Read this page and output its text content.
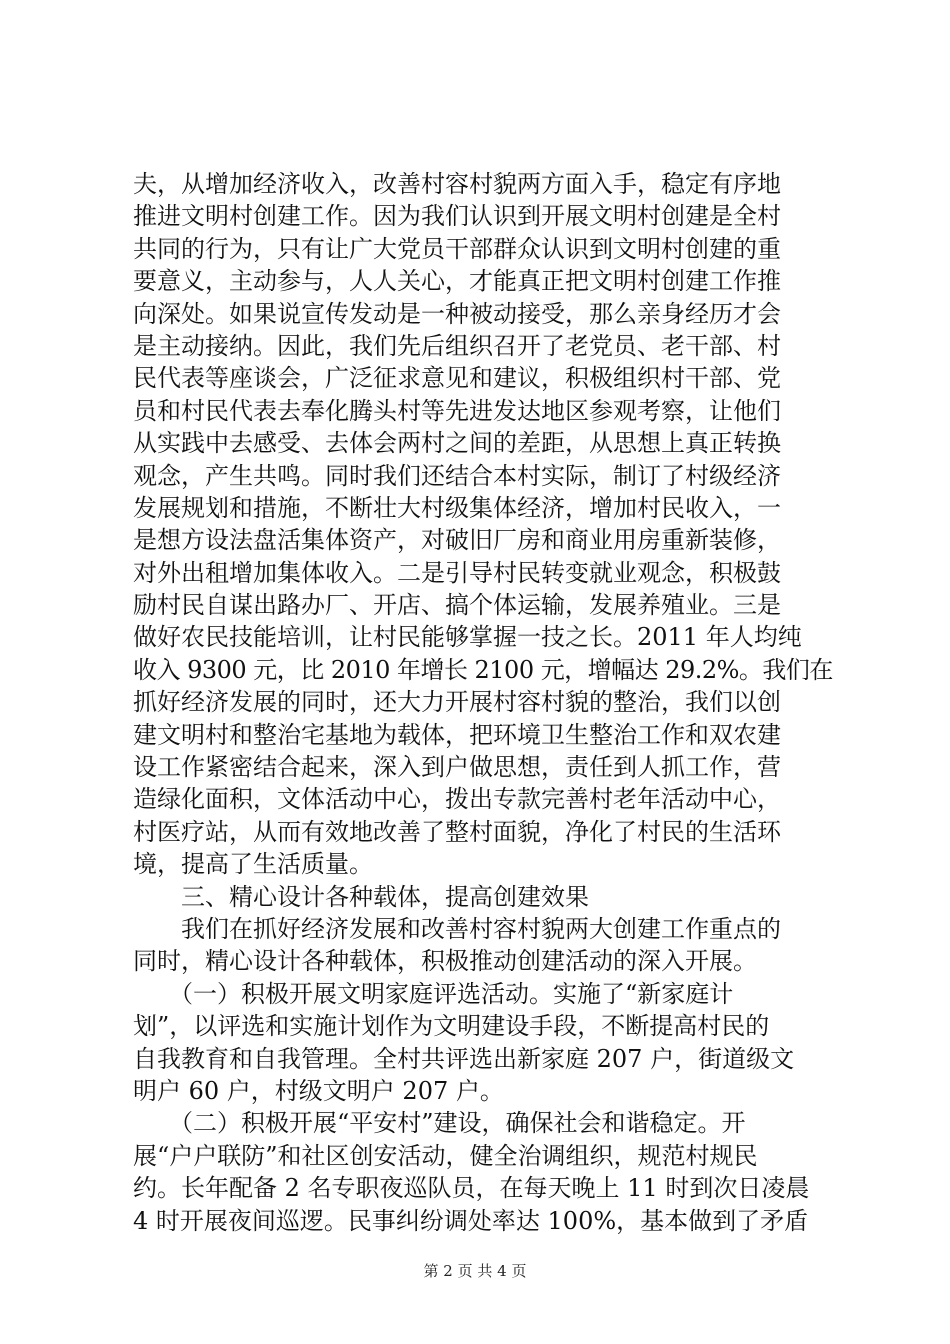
夫，从增加经济收入，改善村容村貌两方面入手，稳定有序地
推进文明村创建工作。因为我们认识到开展文明村创建是全村
共同的行为，只有让广大党员干部群众认识到文明村创建的重
要意义，主动参与，人人关心，才能真正把文明村创建工作推
向深处。如果说宣传发动是一种被动接受，那么亲身经历才会
是主动接纳。因此，我们先后组织召开了老党员、老干部、村
民代表等座谈会，广泛征求意见和建议，积极组织村干部、党
员和村民代表去奉化腾头村等先进发达地区参观考察，让他们
从实践中去感受、去体会两村之间的差距，从思想上真正转换
观念，产生共鸣。同时我们还结合本村实际，制订了村级经济
发展规划和措施，不断壮大村级集体经济，增加村民收入，一
是想方设法盘活集体资产，对破旧厂房和商业用房重新装修，
对外出租增加集体收入。二是引导村民转变就业观念，积极鼓
励村民自谋出路办厂、开店、搞个体运输，发展养殖业。三是
做好农民技能培训，让村民能够掌握一技之长。2011 年人均纯
收入 9300 元，比 2010 年增长 2100 元，增幅达 29.2%。我们在
抓好经济发展的同时，还大力开展村容村貌的整治，我们以创
建文明村和整治宅基地为载体，把环境卫生整治工作和双农建
设工作紧密结合起来，深入到户做思想，责任到人抓工作，营
造绿化面积，文体活动中心，拨出专款完善村老年活动中心，
村医疗站，从而有效地改善了整村面貌，净化了村民的生活环
境，提高了生活质量。
　　三、精心设计各种载体，提高创建效果
　　我们在抓好经济发展和改善村容村貌两大创建工作重点的
同时，精心设计各种载体，积极推动创建活动的深入开展。
　　（一）积极开展文明家庭评选活动。实施了“新家庭计
划”，以评选和实施计划作为文明建设手段，不断提高村民的
自我教育和自我管理。全村共评选出新家庭 207 户，街道级文
明户 60 户，村级文明户 207 户。
　　（二）积极开展“平安村”建设，确保社会和谐稳定。开
展“户户联防”和社区创安活动，健全治调组织，规范村规民
约。长年配备 2 名专职夜巡队员，在每天晚上 11 时到次日凌晨
4 时开展夜间巡逻。民事纠纷调处率达 100%，基本做到了矛盾
第 2 页 共 4 页
